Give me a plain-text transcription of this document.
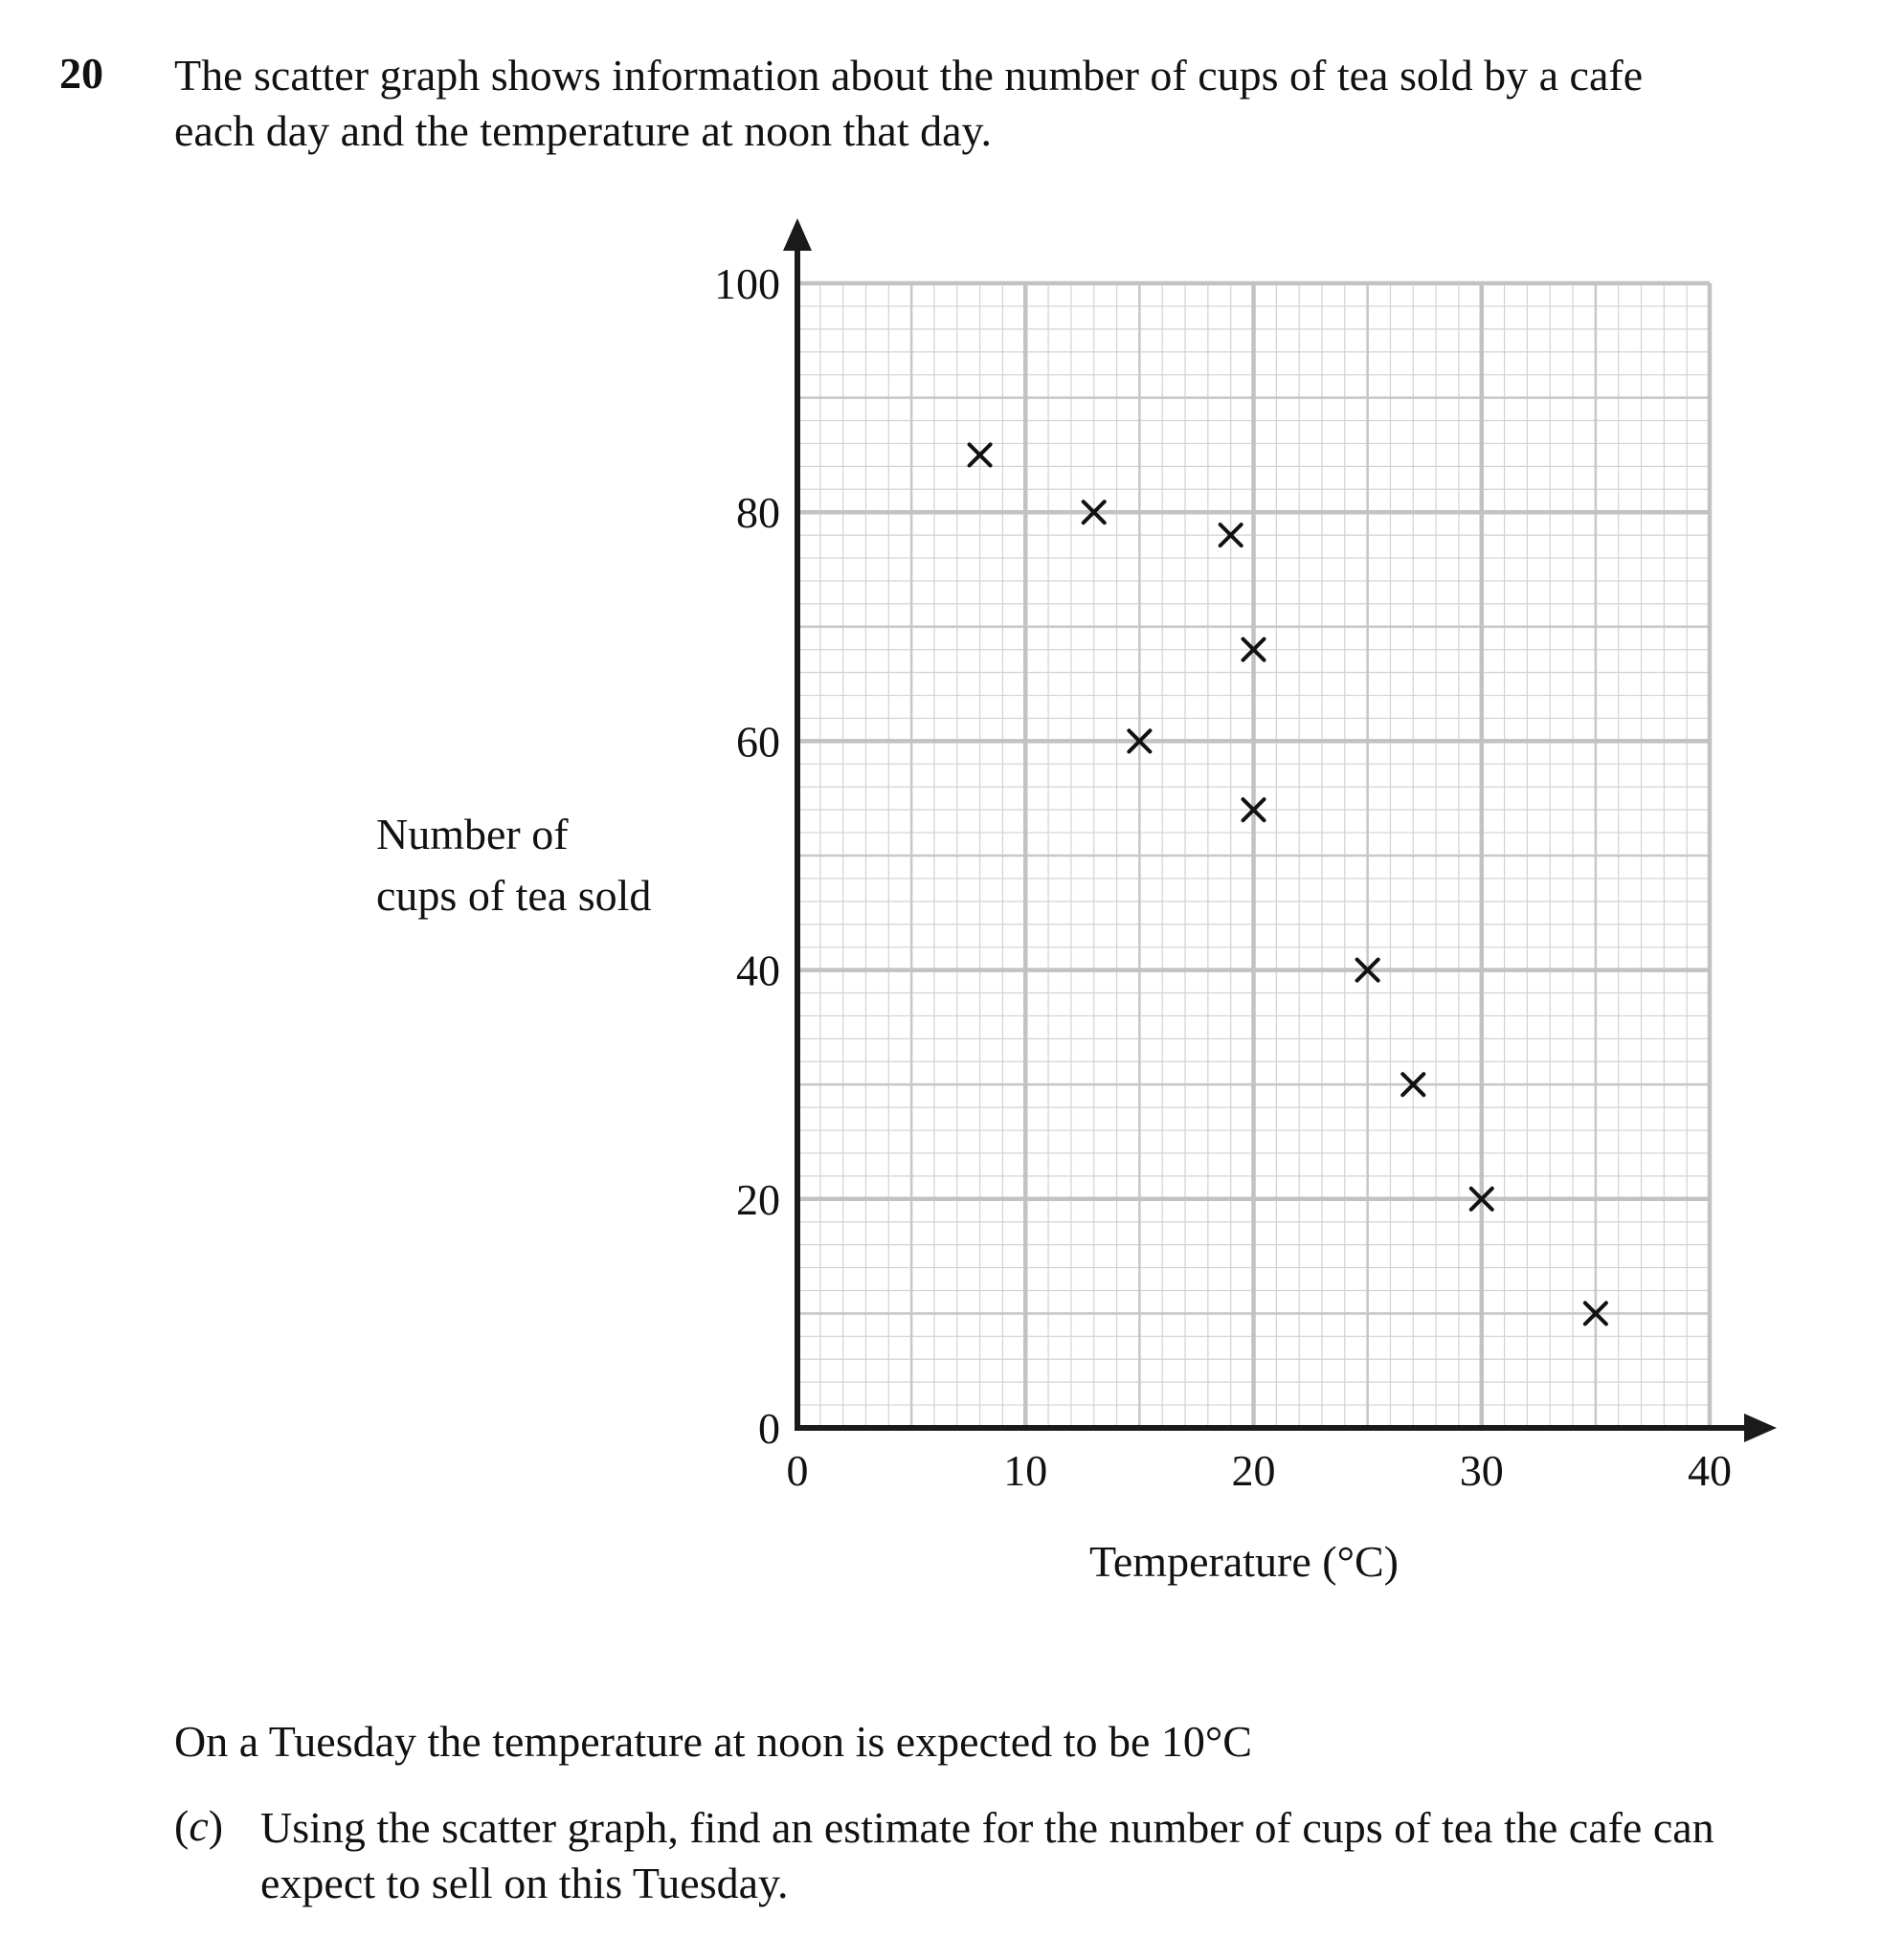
20 The scatter graph shows information about the number of cups of tea sold by a cafe
each day and the temperature at noon that day.
0
20
40
60
80
100
0	10	20	30	40
Number of
cups of tea sold
Temperature (°C)
On a Tuesday the temperature at noon is expected to be 10°C
(c) Using the scatter graph, find an estimate for the number of cups of tea the cafe can
expect to sell on this Tuesday.
